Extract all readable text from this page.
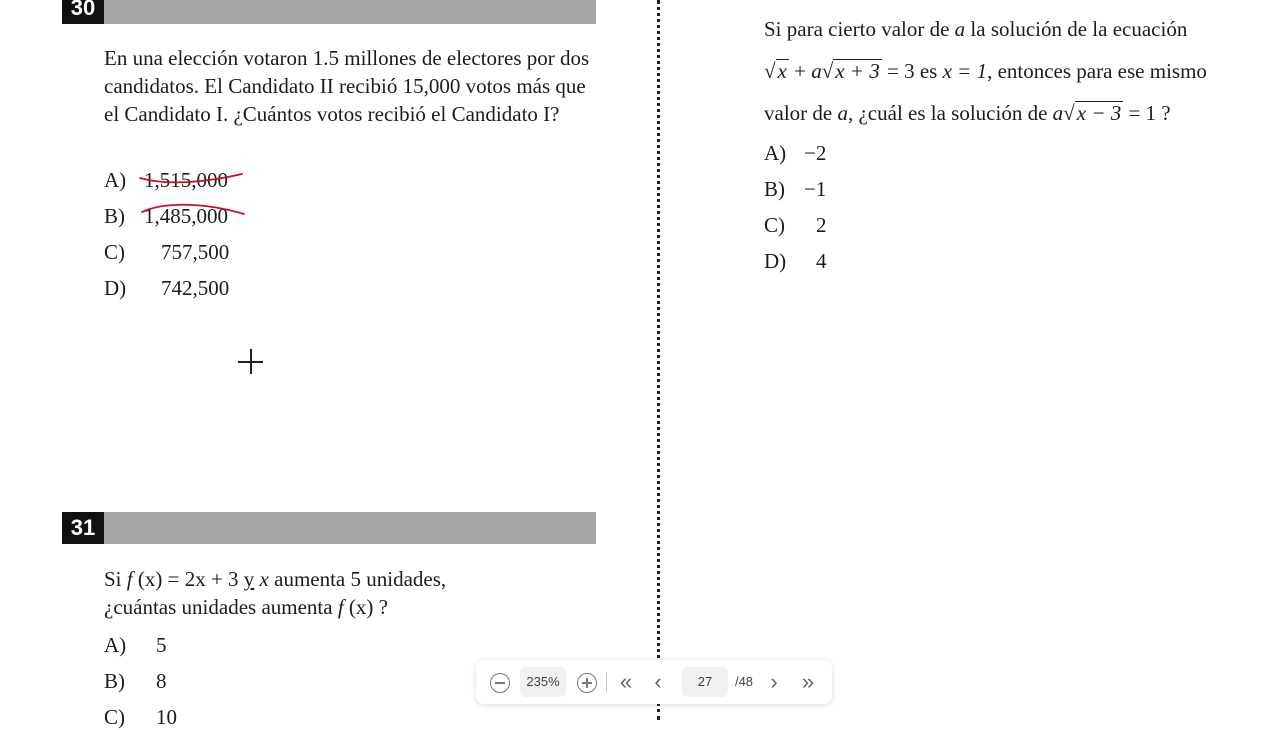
30
En una elección votaron 1.5 millones de electores por dos candidatos. El Candidato II recibió 15,000 votos más que el Candidato I. ¿Cuántos votos recibió el Candidato I?
A) 1,515,000
B) 1,485,000
C) 757,500
D) 742,500
31
Si f (x) = 2x + 3 y x aumenta 5 unidades,
¿cuántas unidades aumenta f (x) ?
A) 5
B) 8
C) 10
Si para cierto valor de a la solución de la ecuación
√x + a√x + 3 = 3 es x = 1, entonces para ese mismo
valor de a, ¿cuál es la solución de a√x − 3 = 1 ?
A) −2
B) −1
C) 2
D) 4
235%	« ‹	27	/48 › »
